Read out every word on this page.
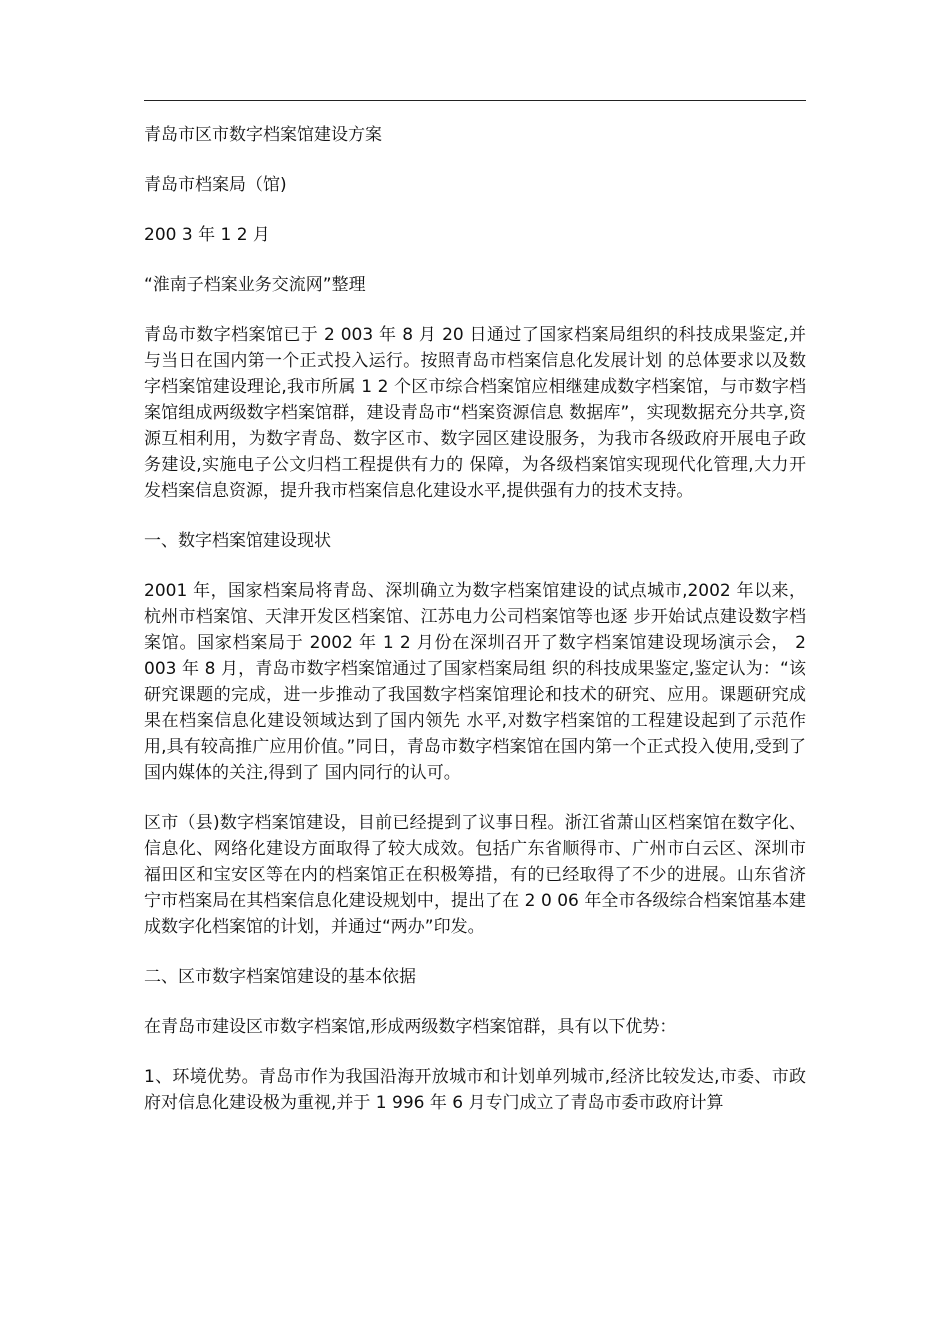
青岛市区市数字档案馆建设方案

青岛市档案局（馆)

200 3 年 1 2 月

“淮南子档案业务交流网”整理

青岛市数字档案馆已于 2 003 年 8 月 20 日通过了国家档案局组织的科技成果鉴定,并与当日在国内第一个正式投入运行。按照青岛市档案信息化发展计划 的总体要求以及数字档案馆建设理论,我市所属 1 2 个区市综合档案馆应相继建成数字档案馆，与市数字档案馆组成两级数字档案馆群，建设青岛市“档案资源信息 数据库”，实现数据充分共享,资源互相利用，为数字青岛、数字区市、数字园区建设服务，为我市各级政府开展电子政务建设,实施电子公文归档工程提供有力的 保障，为各级档案馆实现现代化管理,大力开发档案信息资源，提升我市档案信息化建设水平,提供强有力的技术支持。

一、数字档案馆建设现状

2001 年，国家档案局将青岛、深圳确立为数字档案馆建设的试点城市,2002 年以来，杭州市档案馆、天津开发区档案馆、江苏电力公司档案馆等也逐 步开始试点建设数字档案馆。国家档案局于 2002 年 1 2 月份在深圳召开了数字档案馆建设现场演示会， 2 003 年 8 月，青岛市数字档案馆通过了国家档案局组 织的科技成果鉴定,鉴定认为：“该研究课题的完成，进一步推动了我国数字档案馆理论和技术的研究、应用。课题研究成果在档案信息化建设领域达到了国内领先 水平,对数字档案馆的工程建设起到了示范作用,具有较高推广应用价值。”同日，青岛市数字档案馆在国内第一个正式投入使用,受到了国内媒体的关注,得到了 国内同行的认可。

区市（县)数字档案馆建设，目前已经提到了议事日程。浙江省萧山区档案馆在数字化、信息化、网络化建设方面取得了较大成效。包括广东省顺得市、广州市白云区、深圳市福田区和宝安区等在内的档案馆正在积极筹措，有的已经取得了不少的进展。山东省济宁市档案局在其档案信息化建设规划中，提出了在 2 0 06 年全市各级综合档案馆基本建成数字化档案馆的计划，并通过“两办”印发。

二、区市数字档案馆建设的基本依据

在青岛市建设区市数字档案馆,形成两级数字档案馆群，具有以下优势：

1、环境优势。青岛市作为我国沿海开放城市和计划单列城市,经济比较发达,市委、市政府对信息化建设极为重视,并于 1 996 年 6 月专门成立了青岛市委市政府计算
